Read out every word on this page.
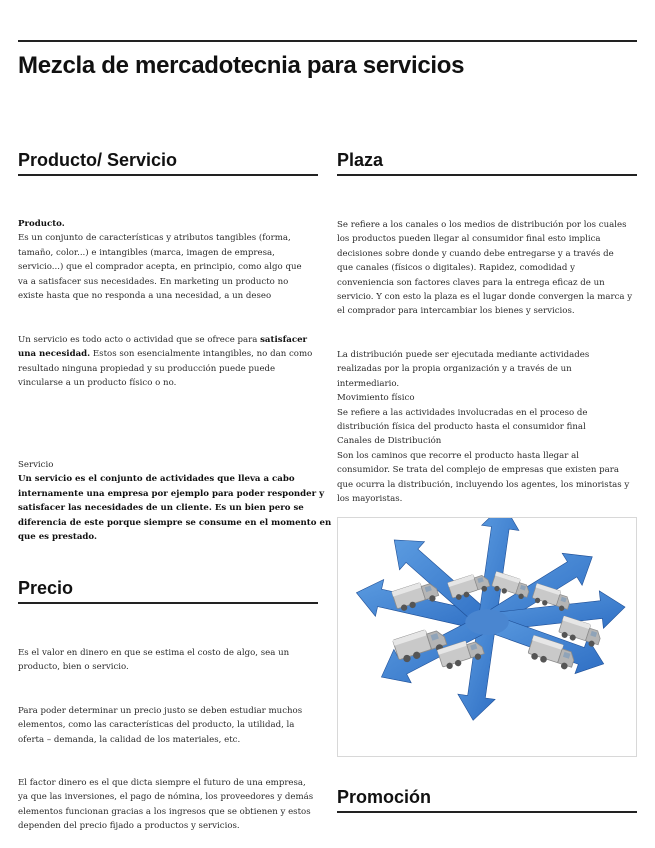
Mezcla de mercadotecnia para servicios
Producto/ Servicio
Producto.
Es un conjunto de características y atributos tangibles (forma,
tamaño, color...) e intangibles (marca, imagen de empresa,
servicio...) que el comprador acepta, en principio, como algo que
va a satisfacer sus necesidades. En marketing un producto no
existe hasta que no responda a una necesidad, a un deseo
Un servicio es todo acto o actividad que se ofrece para satisfacer
una necesidad. Estos son esencialmente intangibles, no dan como
resultado ninguna propiedad y su producción puede puede
vincularse a un producto físico o no.
Servicio
Un servicio es el conjunto de actividades que lleva a cabo
internamente una empresa por ejemplo para poder responder y
satisfacer las necesidades de un cliente. Es un bien pero se
diferencia de este porque siempre se consume en el momento en
que es prestado.
Precio
Es el valor en dinero en que se estima el costo de algo, sea un
producto, bien o servicio.
Para poder determinar un precio justo se deben estudiar muchos
elementos, como las características del producto, la utilidad, la
oferta – demanda, la calidad de los materiales, etc.
El factor dinero es el que dicta siempre el futuro de una empresa,
ya que las inversiones, el pago de nómina, los proveedores y demás
elementos funcionan gracias a los ingresos que se obtienen y estos
dependen del precio fijado a productos y servicios.
Plaza
Se refiere a los canales o los medios de distribución por los cuales
los productos pueden llegar al consumidor final esto implica
decisiones sobre donde y cuando debe entregarse y a través de
que canales (físicos o digitales). Rapidez, comodidad y
conveniencia son factores claves para la entrega eficaz de un
servicio. Y con esto la plaza es el lugar donde convergen la marca y
el comprador para intercambiar los bienes y servicios.
La distribución puede ser ejecutada mediante actividades
realizadas por la propia organización y a través de un
intermediario.
Movimiento físico
Se refiere a las actividades involucradas en el proceso de
distribución física del producto hasta el consumidor final
Canales de Distribución
Son los caminos que recorre el producto hasta llegar al
consumidor. Se trata del complejo de empresas que existen para
que ocurra la distribución, incluyendo los agentes, los minoristas y
los mayoristas.
Promoción
